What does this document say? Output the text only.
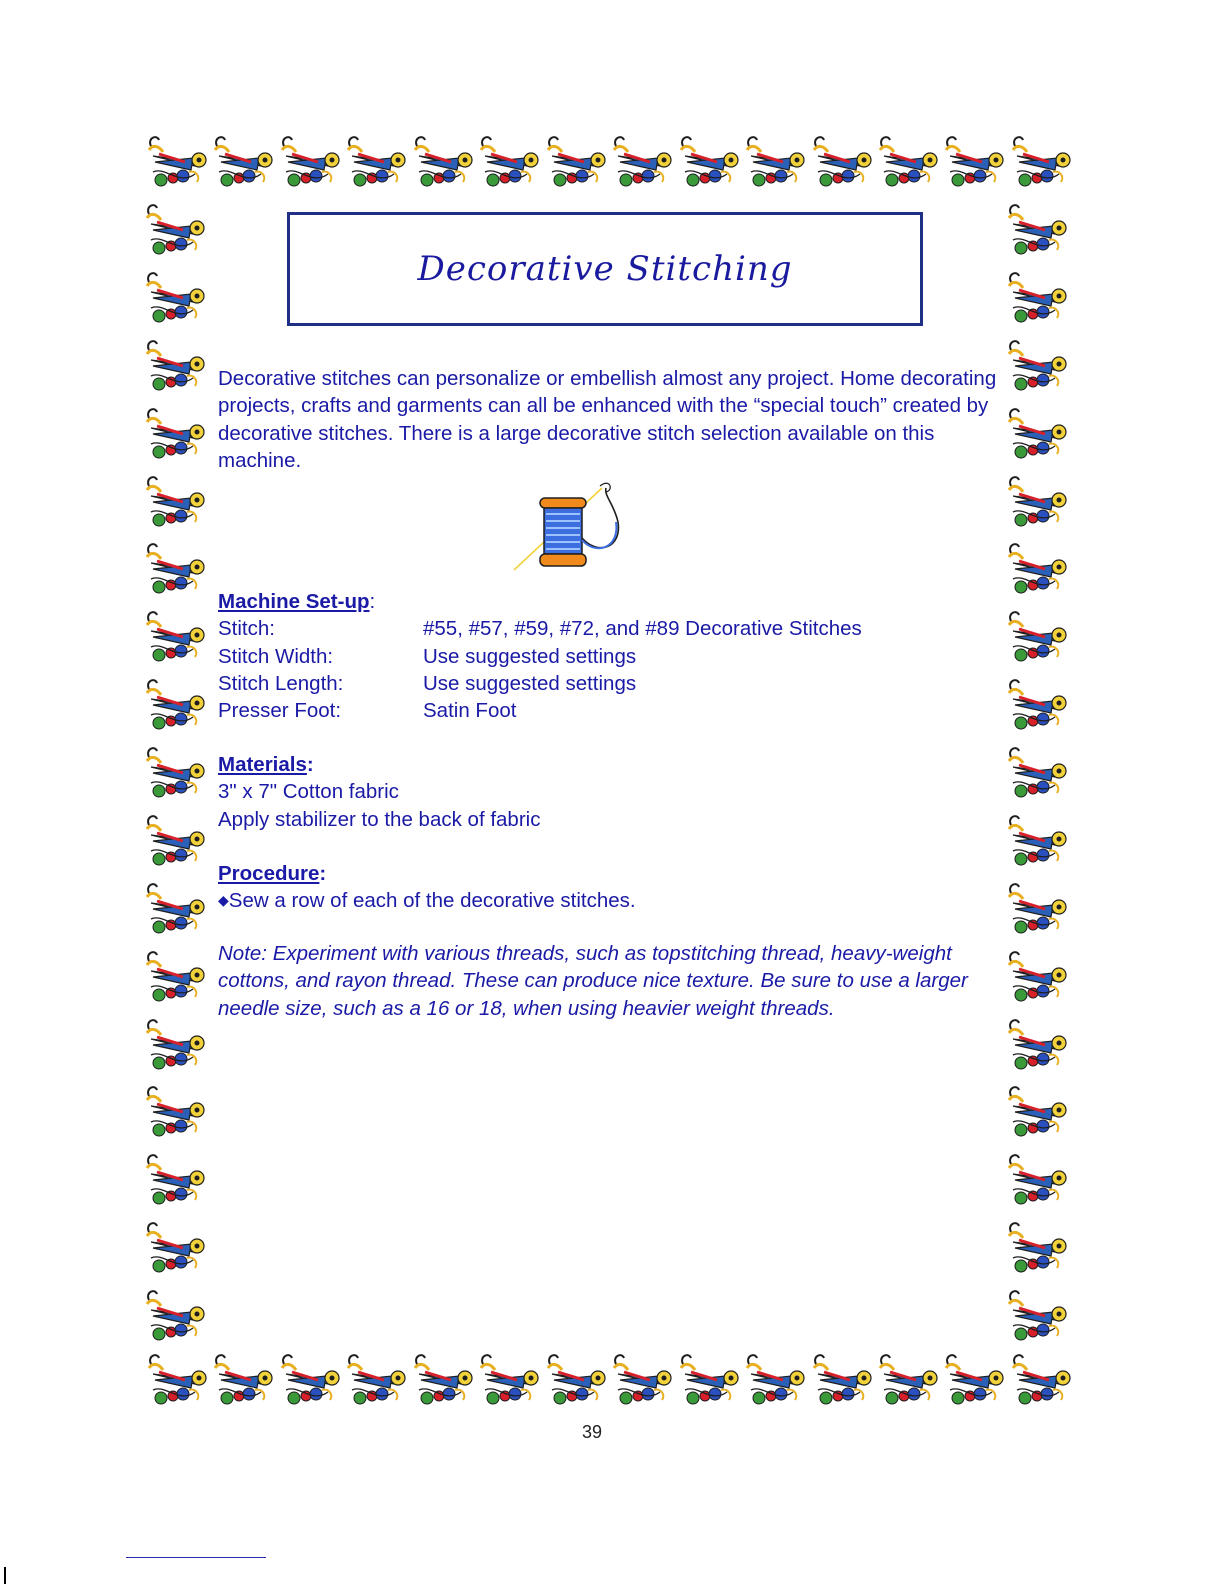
Decorative Stitching

Decorative stitches can personalize or embellish almost any project. Home decorating projects, crafts and garments can all be enhanced with the “special touch” created by decorative stitches. There is a large decorative stitch selection available on this machine.

Machine Set-up:

Stitch:	#55, #57, #59, #72, and #89 Decorative Stitches
Stitch Width:	Use suggested settings
Stitch Length:	Use suggested settings
Presser Foot:	Satin Foot

Materials:

3" x 7" Cotton fabric

Apply stabilizer to the back of fabric

Procedure:

◆Sew a row of each of the decorative stitches.

Note: Experiment with various threads, such as topstitching thread, heavy-weight cottons, and rayon thread. These can produce nice texture. Be sure to use a larger needle size, such as a 16 or 18, when using heavier weight threads.

39
